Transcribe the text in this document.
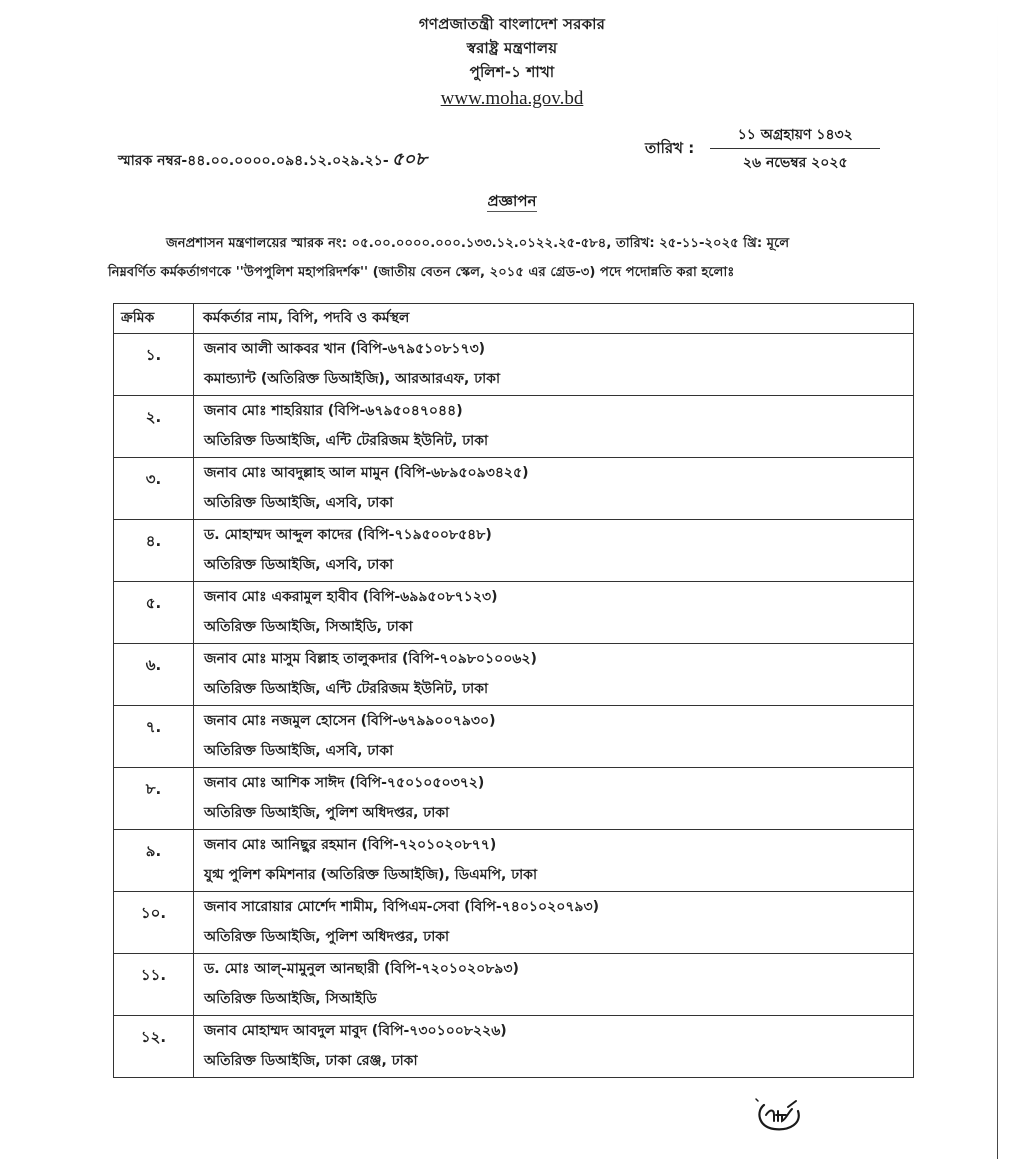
গণপ্রজাতন্ত্রী বাংলাদেশ সরকার
স্বরাষ্ট্র মন্ত্রণালয়
পুলিশ-১ শাখা
www.moha.gov.bd
স্মারক নম্বর-৪৪.০০.০০০০.০৯৪.১২.০২৯.২১- ৫০৮
তারিখ :
১১ অগ্রহায়ণ ১৪৩২
২৬ নভেম্বর ২০২৫
প্রজ্ঞাপন
জনপ্রশাসন মন্ত্রণালয়ের স্মারক নং: ০৫.০০.০০০০.০০০.১৩৩.১২.০১২২.২৫-৫৮৪, তারিখ: ২৫-১১-২০২৫ খ্রি: মূলে
নিম্নবর্ণিত কর্মকর্তাগণকে ''উপপুলিশ মহাপরিদর্শক'' (জাতীয় বেতন স্কেল, ২০১৫ এর গ্রেড-৩) পদে পদোন্নতি করা হলোঃ
ক্রমিক	কর্মকর্তার নাম, বিপি, পদবি ও কর্মস্থল
১.	জনাব আলী আকবর খান (বিপি-৬৭৯৫১০৮১৭৩)
কমান্ড্যান্ট (অতিরিক্ত ডিআইজি), আরআরএফ, ঢাকা

২.	জনাব মোঃ শাহরিয়ার (বিপি-৬৭৯৫০৪৭০৪৪)
অতিরিক্ত ডিআইজি, এন্টি টেররিজম ইউনিট, ঢাকা

৩.	জনাব মোঃ আবদুল্লাহ আল মামুন (বিপি-৬৮৯৫০৯৩৪২৫)
অতিরিক্ত ডিআইজি, এসবি, ঢাকা

৪.	ড. মোহাম্মদ আব্দুল কাদের (বিপি-৭১৯৫০০৮৫৪৮)
অতিরিক্ত ডিআইজি, এসবি, ঢাকা

৫.	জনাব মোঃ একরামুল হাবীব (বিপি-৬৯৯৫০৮৭১২৩)
অতিরিক্ত ডিআইজি, সিআইডি, ঢাকা

৬.	জনাব মোঃ মাসুম বিল্লাহ তালুকদার (বিপি-৭০৯৮০১০০৬২)
অতিরিক্ত ডিআইজি, এন্টি টেররিজম ইউনিট, ঢাকা

৭.	জনাব মোঃ নজমুল হোসেন (বিপি-৬৭৯৯০০৭৯৩০)
অতিরিক্ত ডিআইজি, এসবি, ঢাকা

৮.	জনাব মোঃ আশিক সাঈদ (বিপি-৭৫০১০৫০৩৭২)
অতিরিক্ত ডিআইজি, পুলিশ অধিদপ্তর, ঢাকা

৯.	জনাব মোঃ আনিছুর রহমান (বিপি-৭২০১০২০৮৭৭)
যুগ্ম পুলিশ কমিশনার (অতিরিক্ত ডিআইজি), ডিএমপি, ঢাকা

১০.	জনাব সারোয়ার মোর্শেদ শামীম, বিপিএম-সেবা (বিপি-৭৪০১০২০৭৯৩)
অতিরিক্ত ডিআইজি, পুলিশ অধিদপ্তর, ঢাকা

১১.	ড. মোঃ আল্-মামুনুল আনছারী (বিপি-৭২০১০২০৮৯৩)
অতিরিক্ত ডিআইজি, সিআইডি

১২.	জনাব মোহাম্মদ আবদুল মাবুদ (বিপি-৭৩০১০০৮২২৬)
অতিরিক্ত ডিআইজি, ঢাকা রেঞ্জ, ঢাকা
